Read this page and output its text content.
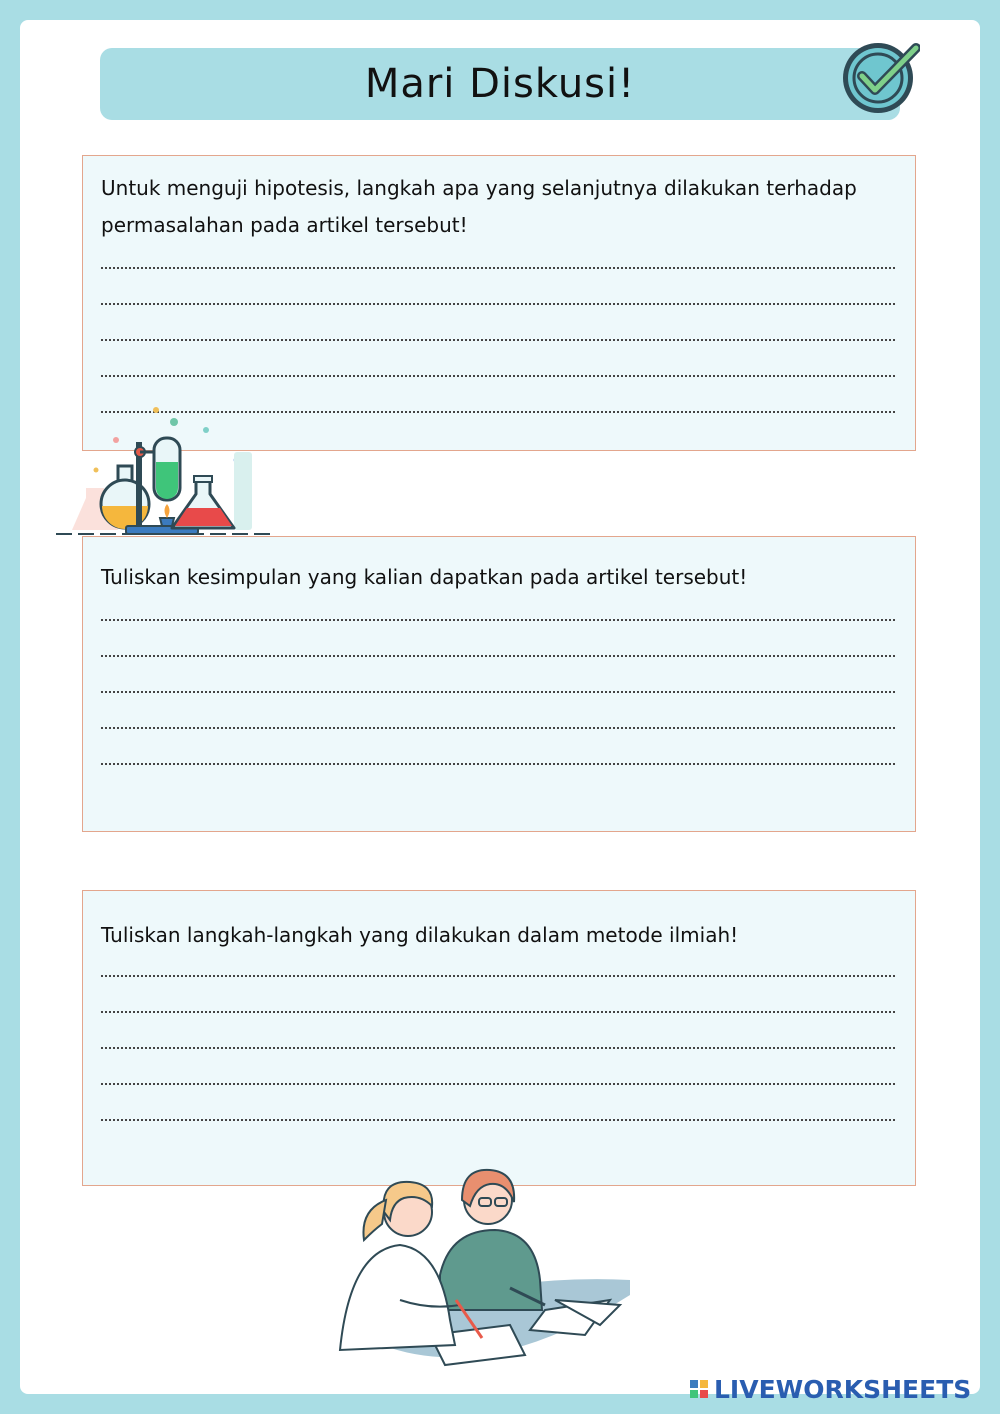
Mari Diskusi!
Untuk menguji hipotesis, langkah apa yang selanjutnya dilakukan terhadap permasalahan pada artikel tersebut!
Tuliskan kesimpulan yang kalian dapatkan pada artikel tersebut!
Tuliskan langkah-langkah yang dilakukan dalam metode ilmiah!
LIVEWORKSHEETS
